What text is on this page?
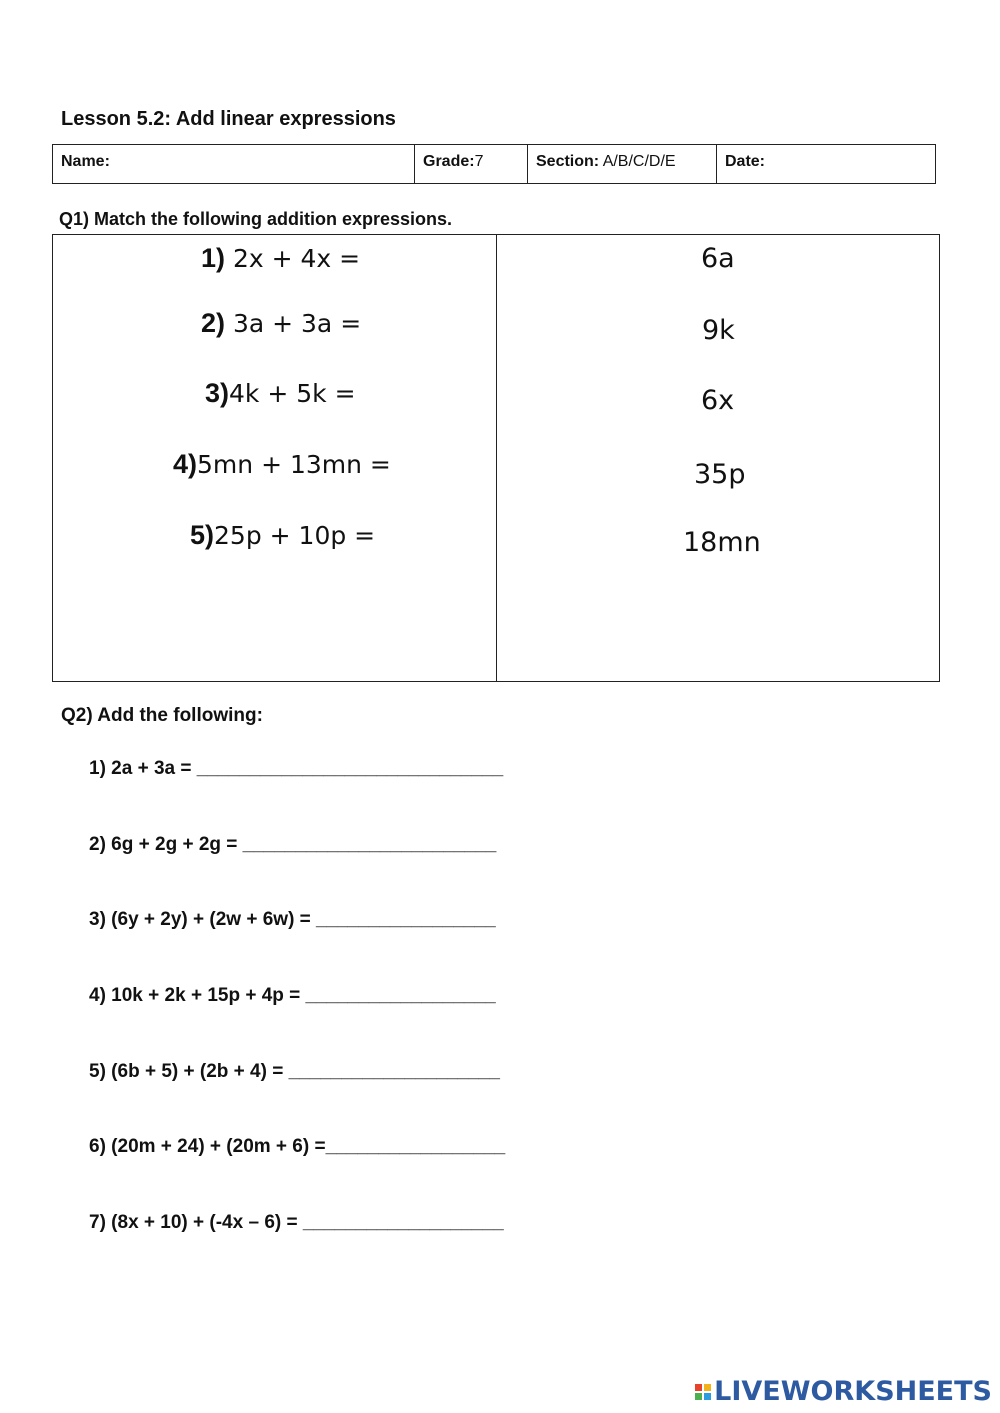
Lesson 5.2: Add linear expressions
Name:	Grade:7	Section: A/B/C/D/E	Date:
Q1) Match the following addition expressions.
1) 2x + 4x =
2) 3a + 3a =
3)4k + 5k =
4)5mn + 13mn =
5)25p + 10p =
6a
9k
6x
35p
18mn
Q2) Add the following:
1) 2a + 3a = _____________________________
2) 6g + 2g + 2g = ________________________
3) (6y + 2y) + (2w + 6w) = _________________
4) 10k + 2k + 15p + 4p = __________________
5) (6b + 5) + (2b + 4) = ____________________
6) (20m + 24) + (20m + 6) =_________________
7) (8x + 10) + (-4x – 6) = ___________________
LIVEWORKSHEETS
